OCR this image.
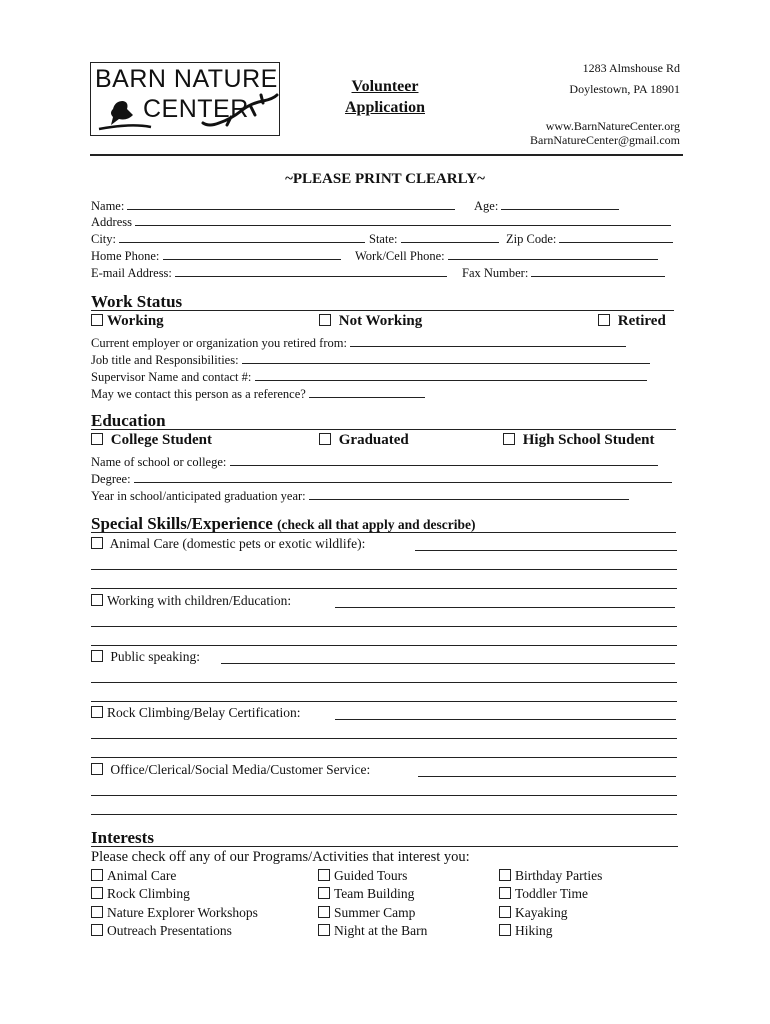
BARN NATURE
CENTER
Volunteer
Application
1283 Almshouse Rd
Doylestown, PA 18901
www.BarnNatureCenter.org
BarnNatureCenter@gmail.com
~PLEASE PRINT CLEARLY~
Name:	Age:
Address
City:	State:	Zip Code:
Home Phone:	Work/Cell Phone:
E-mail Address:	Fax Number:
Work Status
Working	Not Working	Retired
Current employer or organization you retired from:
Job title and Responsibilities:
Supervisor Name and contact #:
May we contact this person as a reference?
Education
College Student	Graduated	High School Student
Name of school or college:
Degree:
Year in school/anticipated graduation year:
Special Skills/Experience (check all that apply and describe)
Animal Care (domestic pets or exotic wildlife):
Working with children/Education:
Public speaking:
Rock Climbing/Belay Certification:
Office/Clerical/Social Media/Customer Service:
Interests
Please check off any of our Programs/Activities that interest you:
Animal Care
Rock Climbing
Nature Explorer Workshops
Outreach Presentations
Guided Tours
Team Building
Summer Camp
Night at the Barn
Birthday Parties
Toddler Time
Kayaking
Hiking
